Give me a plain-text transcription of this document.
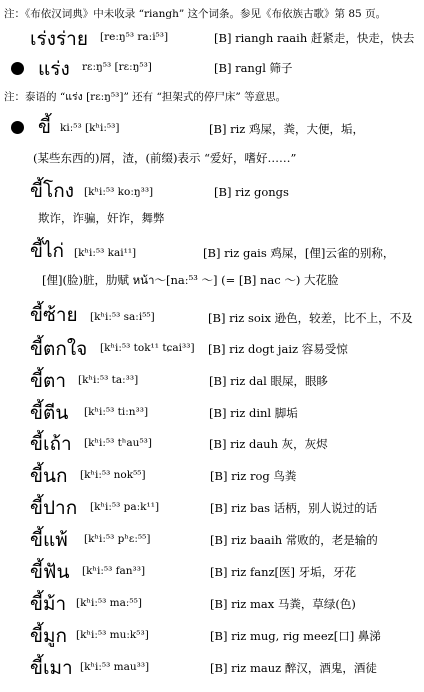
注：《布依汉词典》中未收录 “riangh” 这个词条。参见《布依族古歌》第 85 页。
เร่งร่าย [reːŋ⁵³ raːi⁵³]	[B] riangh raaih 赶紧走，快走，快去
แร่ง rɛːŋ⁵³ [rɛːŋ⁵³]	[B] rangl 筛子
注：泰语的 “แร่ง [rɛːŋ⁵³]” 还有 “担架式的停尸床” 等意思。
ขี้ kiː⁵³ [kʰiː⁵³]	[B] riz 鸡屎，粪，大便，垢，
(某些东西的)屑，渣，(前缀)表示 “爱好，嗜好……”
ขี้โกง [kʰiː⁵³ koːŋ³³]	[B] riz gongs
欺诈，诈骗，奸诈，舞弊
ขี้ไก่ [kʰiː⁵³ kai¹¹]	[B] riz gais 鸡屎，[俚]云雀的别称，
[俚](脸)脏，肋赋 หน้า～[naː⁵³ ～] (= [B] nac ～) 大花脸
ขี้ซ้าย [kʰiː⁵³ saːi⁵⁵]	[B] riz soix 逊色，较差，比不上，不及
ขี้ตกใจ [kʰiː⁵³ tok¹¹ tɕai³³] [B] riz dogt jaiz 容易受惊
ขี้ตา [kʰiː⁵³ taː³³]	[B] riz dal 眼屎，眼眵
ขี้ตีน [kʰiː⁵³ tiːn³³]	[B] riz dinl 脚垢
ขี้เถ้า [kʰiː⁵³ tʰau⁵³]	[B] riz dauh 灰，灰烬
ขี้นก [kʰiː⁵³ nok⁵⁵]	[B] riz rog 鸟粪
ขี้ปาก [kʰiː⁵³ paːk¹¹]	[B] riz bas 话柄，别人说过的话
ขี้แพ้ [kʰiː⁵³ pʰɛː⁵⁵]	[B] riz baaih 常败的，老是输的
ขี้ฟัน [kʰiː⁵³ fan³³]	[B] riz fanz[医] 牙垢，牙花
ขี้ม้า [kʰiː⁵³ maː⁵⁵]	[B] riz max 马粪，草绿(色)
ขี้มูก [kʰiː⁵³ muːk⁵³]	[B] riz mug, rig meez[口] 鼻涕
ขี้เมา [kʰiː⁵³ mau³³]	[B] riz mauz 醉汉，酒鬼，酒徒
